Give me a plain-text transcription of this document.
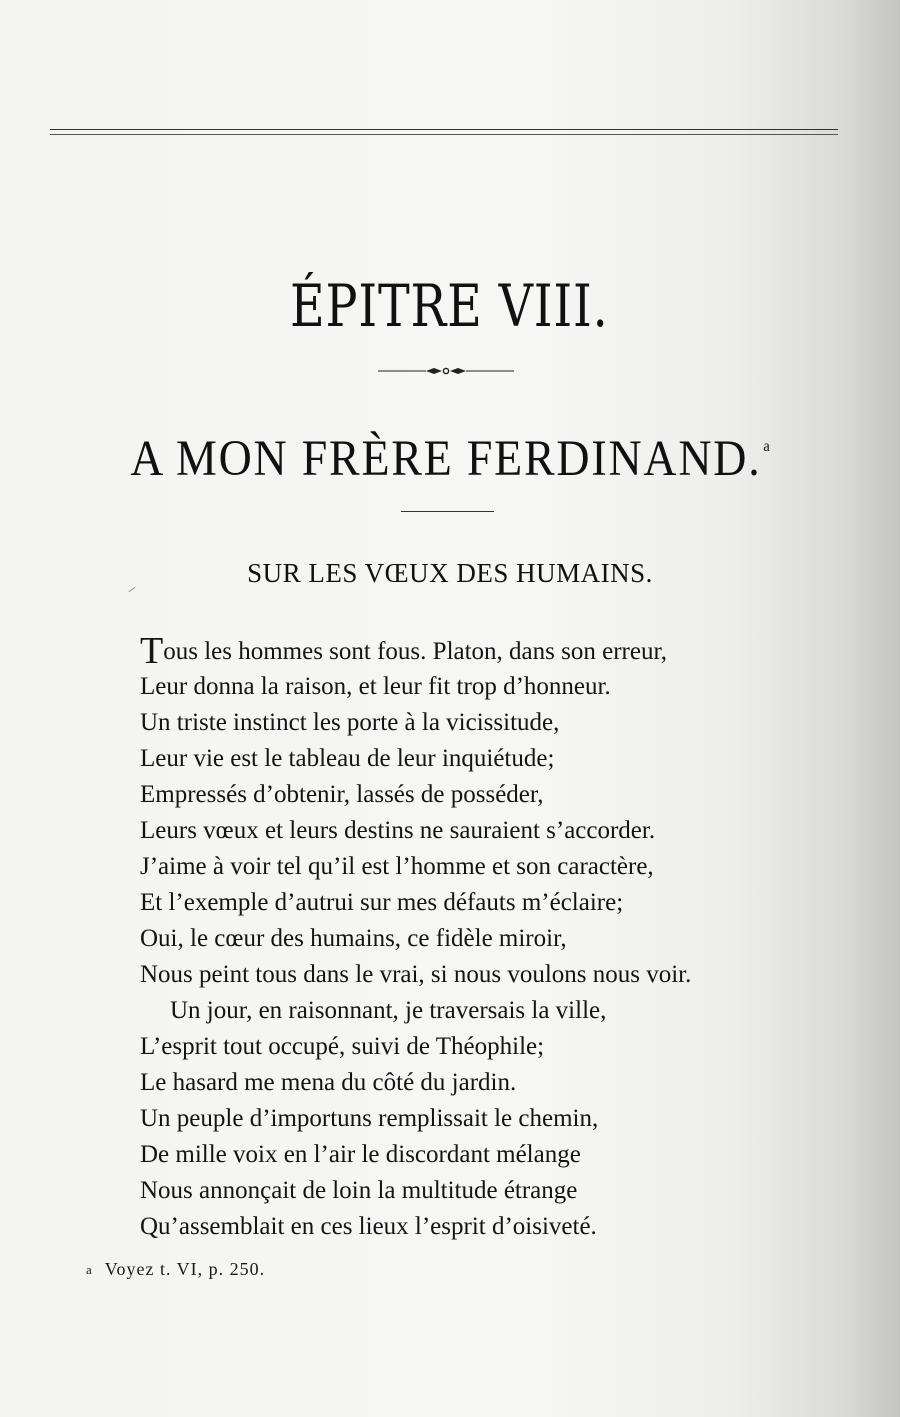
ÉPITRE VIII.
A MON FRÈRE FERDINAND. $^a$
SUR LES VŒUX DES HUMAINS.
Tous les hommes sont fous. Platon, dans son erreur,
Leur donna la raison, et leur fit trop d’honneur.
Un triste instinct les porte à la vicissitude,
Leur vie est le tableau de leur inquiétude;
Empressés d’obtenir, lassés de posséder,
Leurs vœux et leurs destins ne sauraient s’accorder.
J’aime à voir tel qu’il est l’homme et son caractère,
Et l’exemple d’autrui sur mes défauts m’éclaire;
Oui, le cœur des humains, ce fidèle miroir,
Nous peint tous dans le vrai, si nous voulons nous voir.
Un jour, en raisonnant, je traversais la ville,
L’esprit tout occupé, suivi de Théophile;
Le hasard me mena du côté du jardin.
Un peuple d’importuns remplissait le chemin,
De mille voix en l’air le discordant mélange
Nous annonçait de loin la multitude étrange
Qu’assemblait en ces lieux l’esprit d’oisiveté.
a Voyez t. VI, p. 250.
